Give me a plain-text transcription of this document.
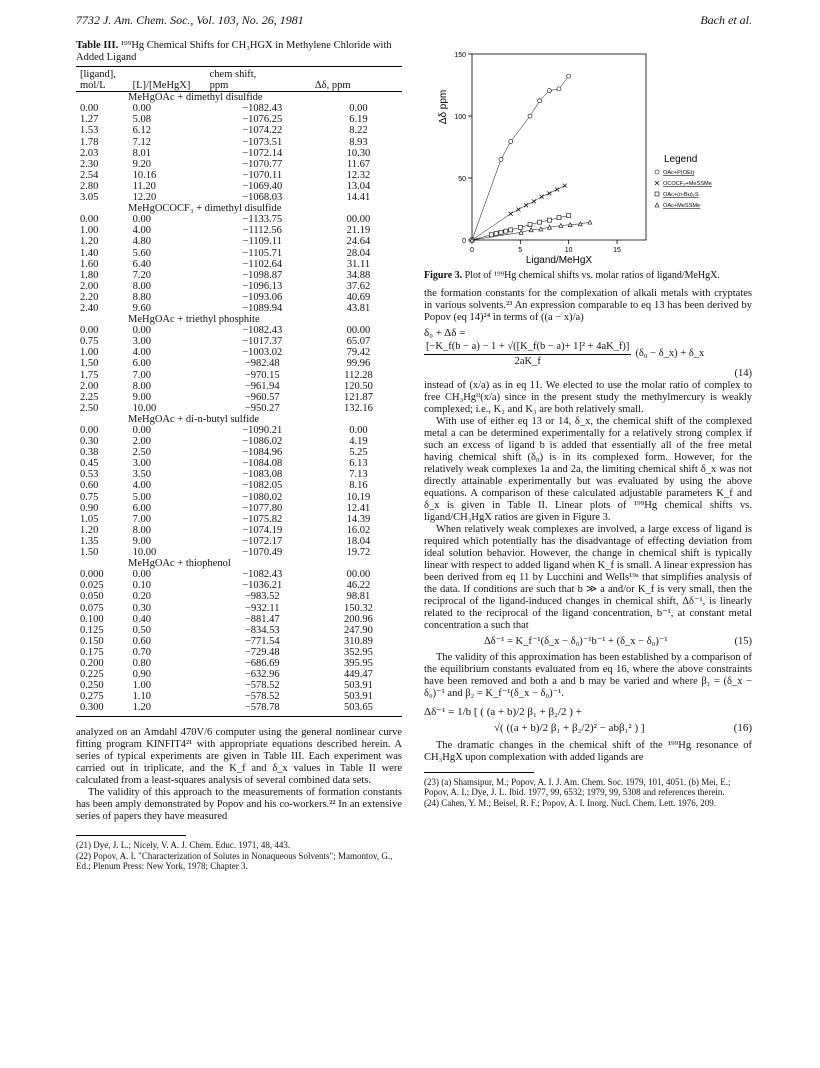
7732 J. Am. Chem. Soc., Vol. 103, No. 26, 1981	Bach et al.
Table III. ¹⁹⁹Hg Chemical Shifts for CH₃HGX in Methylene Chloride with Added Ligand

[ligand],		chem shift,	
mol/L	[L]/[MeHgX]	ppm	Δδ, ppm
MeHgOAc + dimethyl disulfide			
0.00	0.00	−1082.43	0.00
1.27	5.08	−1076.25	6.19
1.53	6.12	−1074.22	8.22
1.78	7.12	−1073.51	8.93
2.03	8.01	−1072.14	10.30
2.30	9.20	−1070.77	11.67
2.54	10.16	−1070.11	12.32
2.80	11.20	−1069.40	13.04
3.05	12.20	−1068.03	14.41
MeHgOCOCF₃ + dimethyl disulfide			
0.00	0.00	−1133.75	00.00
1.00	4.00	−1112.56	21.19
1.20	4.80	−1109.11	24.64
1.40	5.60	−1105.71	28.04
1.60	6.40	−1102.64	31.11
1.80	7.20	−1098.87	34.88
2.00	8.00	−1096.13	37.62
2.20	8.80	−1093.06	40.69
2.40	9.60	−1089.94	43.81
MeHgOAc + triethyl phosphite			
0.00	0.00	−1082.43	00.00
0.75	3.00	−1017.37	65.07
1.00	4.00	−1003.02	79.42
1.50	6.00	−982.48	99.96
1.75	7.00	−970.15	112.28
2.00	8.00	−961.94	120.50
2.25	9.00	−960.57	121.87
2.50	10.00	−950.27	132.16
MeHgOAc + di-n-butyl sulfide			
0.00	0.00	−1090.21	0.00
0.30	2.00	−1086.02	4.19
0.38	2.50	−1084.96	5.25
0.45	3.00	−1084.08	6.13
0.53	3.50	−1083.08	7.13
0.60	4.00	−1082.05	8.16
0.75	5.00	−1080.02	10.19
0.90	6.00	−1077.80	12.41
1.05	7.00	−1075.82	14.39
1.20	8.00	−1074.19	16.02
1.35	9.00	−1072.17	18.04
1.50	10.00	−1070.49	19.72
MeHgOAc + thiophenol			
0.000	0.00	−1082.43	00.00
0.025	0.10	−1036.21	46.22
0.050	0.20	−983.52	98.81
0.075	0.30	−932.11	150.32
0.100	0.40	−881.47	200.96
0.125	0.50	−834.53	247.90
0.150	0.60	−771.54	310.89
0.175	0.70	−729.48	352.95
0.200	0.80	−686.69	395.95
0.225	0.90	−632.96	449.47
0.250	1.00	−578.52	503.91
0.275	1.10	−578.52	503.91
0.300	1.20	−578.78	503.65

analyzed on an Amdahl 470V/6 computer using the general nonlinear curve fitting program KINFIT4²¹ with appropriate equations described herein. A series of typical experiments are given in Table III. Each experiment was carried out in triplicate, and the K_f and δ_x values in Table II were calculated from a least-squares analysis of several combined data sets.

The validity of this approach to the measurements of formation constants has been amply demonstrated by Popov and his co-workers.²² In an extensive series of papers they have measured

(21) Dye, J. L.; Nicely, V. A. J. Chem. Educ. 1971, 48, 443.
(22) Popov, A. I. "Characterization of Solutes in Nonaqueous Solvents"; Mamontov, G., Ed.; Plenum Press: New York, 1978; Chapter 3.
0
50
100
150
0	5	10	15
Ligand/MeHgX
Δδ ppm
Legend
OAc+P(OEt)
OCOCF₃+MeSSMe
OAc+(n-Bu)₂S
OAc+MeSSMe
Figure 3. Plot of ¹⁹⁹Hg chemical shifts vs. molar ratios of ligand/MeHgX.

the formation constants for the complexation of alkali metals with cryptates in various solvents.²³ An expression comparable to eq 13 has been derived by Popov (eq 14)²⁴ in terms of ((a − x)/a)

δ₀ + Δδ =
$\frac{\text{[−K\_f(b − a) − 1 + √([K\_f(b − a)+ 1]² + 4aK\_f)]}}{2aK\_f} (\delta_0$ − δ_x) + δ_x
(14)

instead of (x/a) as in eq 11. We elected to use the molar ratio of complex to free CH₃Hgᴵᴵ(x/a) since in the present study the methylmercury is weakly complexed; i.e., K₂ and K₃ are both relatively small.

With use of either eq 13 or 14, δ_x, the chemical shift of the complexed metal a can be determined experimentally for a relatively strong complex if such an excess of ligand b is added that essentially all of the free metal having chemical shift (δ₀) is in its complexed form. However, for the relatively weak complexes 1a and 2a, the limiting chemical shift δ_x was not directly attainable experimentally but was evaluated by using the above equations. A comparison of these calculated adjustable parameters K_f and δ_x is given in Table II. Linear plots of ¹⁹⁹Hg chemical shifts vs. ligand/CH₃HgX ratios are given in Figure 3.

When relatively weak complexes are involved, a large excess of ligand is required which potentially has the disadvantage of effecting deviation from ideal solution behavior. However, the change in chemical shift is typically linear with respect to added ligand when K_f is small. A linear expression has been derived from eq 11 by Lucchini and Wells¹⁹ᵃ that simplifies analysis of the data. If conditions are such that b ≫ a and/or K_f is very small, then the reciprocal of the ligand-induced changes in chemical shift, Δδ⁻¹, is linearly related to the reciprocal of the ligand concentration, b⁻¹, at constant metal concentration a such that

Δδ⁻¹ = K_f⁻¹(δ_x − δ₀)⁻¹b⁻¹ + (δ_x − δ₀)⁻¹	(15)

The validity of this approximation has been established by a comparison of the equilibrium constants evaluated from eq 16, where the above constraints have been removed and both a and b may be varied and where β₁ = (δ_x − δ₀)⁻¹ and β₂ = K_f⁻¹(δ_x − δ₀)⁻¹.

Δδ⁻¹ = 1/b [ ( (a + b)/2 β₁ + β₂/2 ) +
√( ((a + b)/2 β₁ + β₂/2)² − abβ₁² ) ]	(16)

The dramatic changes in the chemical shift of the ¹⁹⁹Hg resonance of CH₃HgX upon complexation with added ligands are

(23) (a) Shamsipur, M.; Popov, A. I. J. Am. Chem. Soc. 1979, 101, 4051. (b) Mei, E.; Popov, A. I.; Dye, J. L. Ibid. 1977, 99, 6532; 1979, 99, 5308 and references therein.
(24) Cahen, Y. M.; Beisel, R. F.; Popov, A. I. Inorg. Nucl. Chem. Lett. 1976, 209.
